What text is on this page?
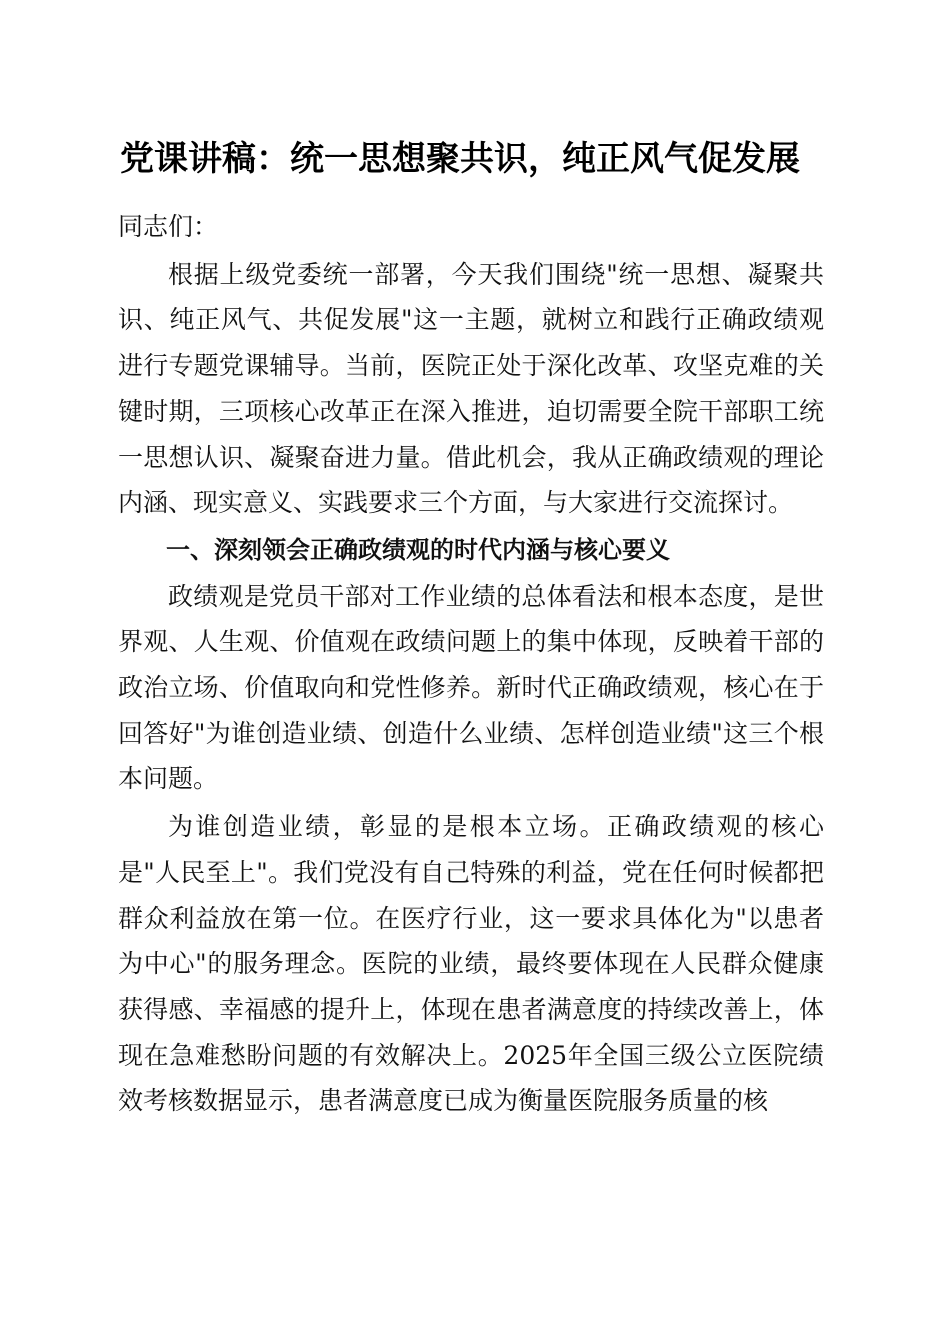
党课讲稿：统一思想聚共识，纯正风气促发展

同志们：

根据上级党委统一部署，今天我们围绕"统一思想、凝聚共识、纯正风气、共促发展"这一主题，就树立和践行正确政绩观进行专题党课辅导。当前，医院正处于深化改革、攻坚克难的关键时期，三项核心改革正在深入推进，迫切需要全院干部职工统一思想认识、凝聚奋进力量。借此机会，我从正确政绩观的理论内涵、现实意义、实践要求三个方面，与大家进行交流探讨。

一、深刻领会正确政绩观的时代内涵与核心要义

政绩观是党员干部对工作业绩的总体看法和根本态度，是世界观、人生观、价值观在政绩问题上的集中体现，反映着干部的政治立场、价值取向和党性修养。新时代正确政绩观，核心在于回答好"为谁创造业绩、创造什么业绩、怎样创造业绩"这三个根本问题。

为谁创造业绩，彰显的是根本立场。正确政绩观的核心是"人民至上"。我们党没有自己特殊的利益，党在任何时候都把群众利益放在第一位。在医疗行业，这一要求具体化为"以患者为中心"的服务理念。医院的业绩，最终要体现在人民群众健康获得感、幸福感的提升上，体现在患者满意度的持续改善上，体现在急难愁盼问题的有效解决上。2025年全国三级公立医院绩效考核数据显示，患者满意度已成为衡量医院服务质量的核
